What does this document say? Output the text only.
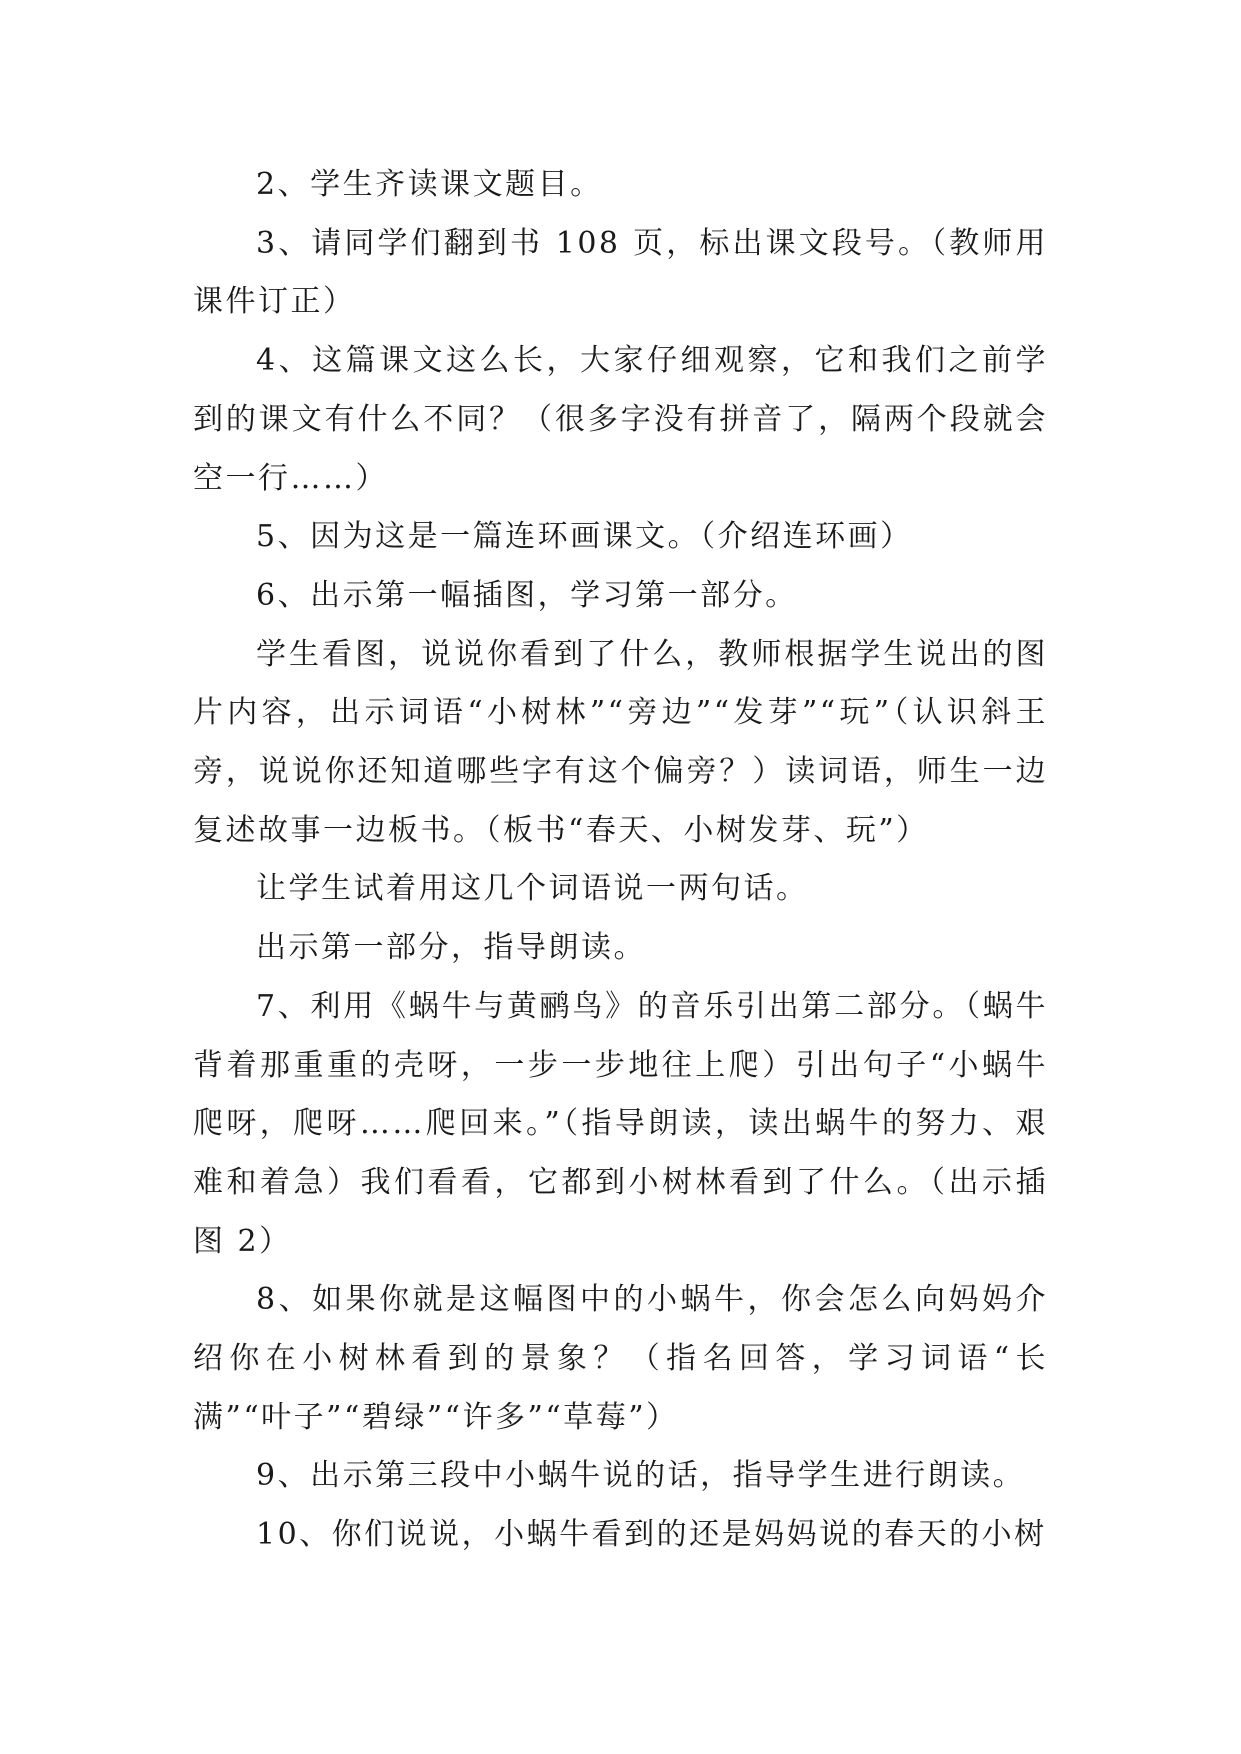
2、学生齐读课文题目。

3、请同学们翻到书 108 页，标出课文段号。（教师用课件订正）

4、这篇课文这么长，大家仔细观察，它和我们之前学到的课文有什么不同？（很多字没有拼音了，隔两个段就会空一行……）

5、因为这是一篇连环画课文。（介绍连环画）

6、出示第一幅插图，学习第一部分。

学生看图，说说你看到了什么，教师根据学生说出的图片内容，出示词语“小树林”“旁边”“发芽”“玩”（认识斜王旁，说说你还知道哪些字有这个偏旁？）读词语，师生一边复述故事一边板书。（板书“春天、小树发芽、玩”）

让学生试着用这几个词语说一两句话。

出示第一部分，指导朗读。

7、利用《蜗牛与黄鹂鸟》的音乐引出第二部分。（蜗牛背着那重重的壳呀，一步一步地往上爬）引出句子“小蜗牛爬呀，爬呀……爬回来。”（指导朗读，读出蜗牛的努力、艰难和着急）我们看看，它都到小树林看到了什么。（出示插图 2）

8、如果你就是这幅图中的小蜗牛，你会怎么向妈妈介绍你在小树林看到的景象？（指名回答，学习词语“长满”“叶子”“碧绿”“许多”“草莓”）

9、出示第三段中小蜗牛说的话，指导学生进行朗读。

10、你们说说，小蜗牛看到的还是妈妈说的春天的小树
